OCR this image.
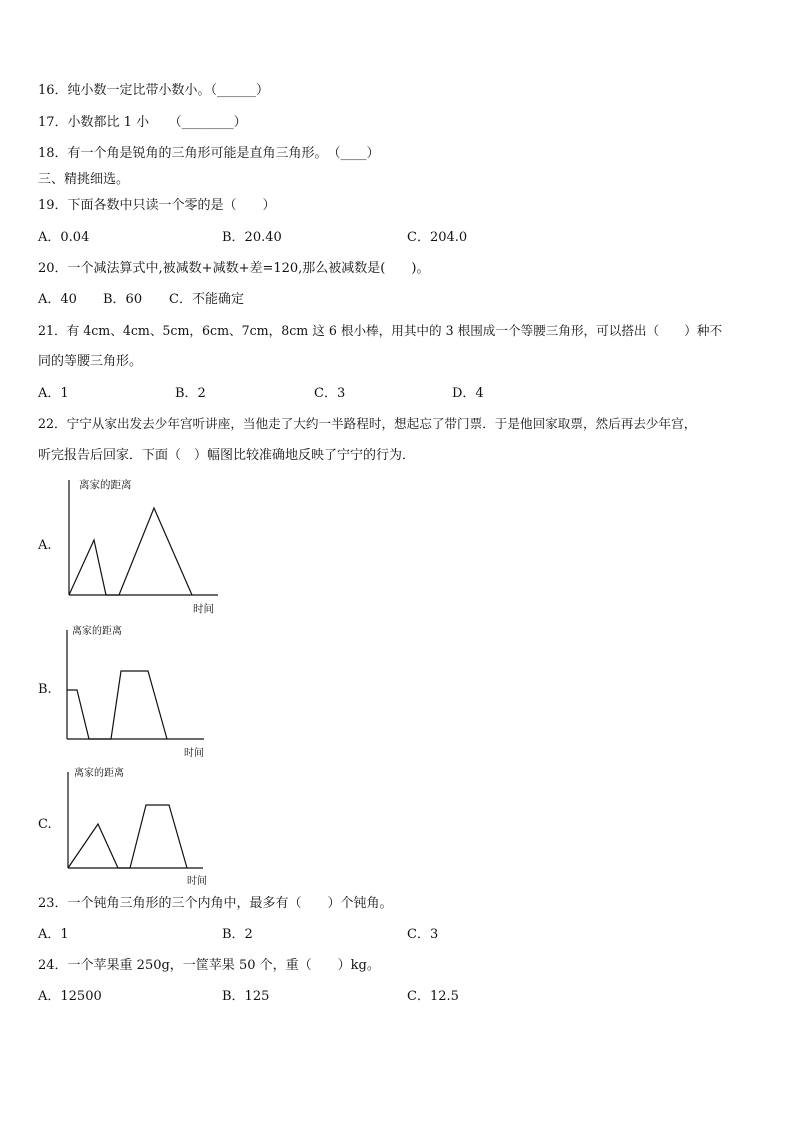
16．纯小数一定比带小数小。（______）
17．小数都比 1 小　　（________）
18．有一个角是锐角的三角形可能是直角三角形。　（____）
三、精挑细选。
19．下面各数中只读一个零的是（　　）
A．0.04	B．20.40	C．204.0
20．一个减法算式中,被减数+减数+差=120,那么被减数是(　　)。
A．40 B．60 C．不能确定
21．有 4cm、4cm、5cm，6cm、7cm，8cm 这 6 根小棒，用其中的 3 根围成一个等腰三角形，可以搭出（　　）种不
同的等腰三角形。
A．1	B．2	C．3	D．4
22．宁宁从家出发去少年宫听讲座，当他走了大约一半路程时，想起忘了带门票．于是他回家取票，然后再去少年宫，
听完报告后回家．下面（　）幅图比较准确地反映了宁宁的行为．
A.
离家的距离
时间
B.
离家的距离
时间
C.
离家的距离
时间
23．一个钝角三角形的三个内角中，最多有（　　）个钝角。
A．1	B．2	C．3
24．一个苹果重 250g，一筐苹果 50 个，重（　　）kg。
A．12500	B．125	C．12.5
